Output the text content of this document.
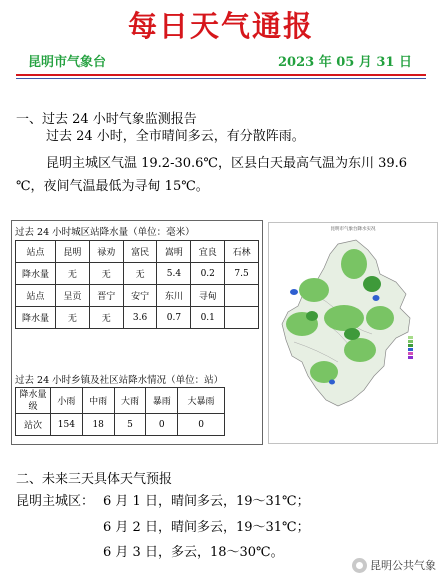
每日天气通报
昆明市气象台	2023 年 05 月 31 日
一、过去 24 小时气象监测报告
过去 24 小时，全市晴间多云，有分散阵雨。
昆明主城区气温 19.2-30.6℃，区县白天最高气温为东川 39.6
℃，夜间气温最低为寻甸 15℃。
过去 24 小时城区站降水量（单位：毫米）
站点	昆明	禄劝	富民	嵩明	宜良	石林
降水量	无	无	无	5.4	0.2	7.5
站点	呈贡	晋宁	安宁	东川	寻甸	
降水量	无	无	3.6	0.7	0.1	
过去 24 小时乡镇及社区站降水情况（单位：站）
降水量级	小雨	中雨	大雨	暴雨	大暴雨
站次	154	18	5	0	0
昆明市气象台降水实况
二、未来三天具体天气预报
昆明主城区： 6 月 1 日，晴间多云，19～31℃；
6 月 2 日，晴间多云，19～31℃；
6 月 3 日，多云，18～30℃。
昆明公共气象
